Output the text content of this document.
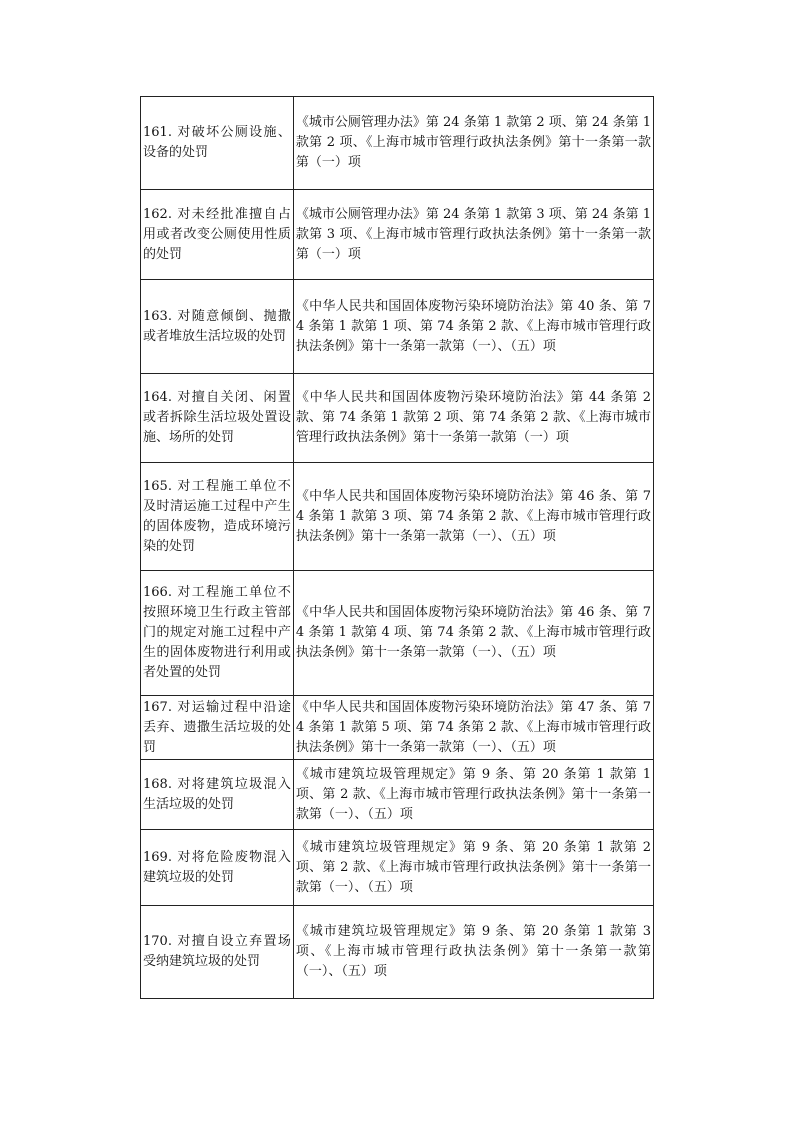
161. 对破坏公厕设施、设备的处罚	《城市公厕管理办法》第 24 条第 1 款第 2 项、第 24 条第 1 款第 2 项、《上海市城市管理行政执法条例》第十一条第一款第（一）项
162. 对未经批准擅自占用或者改变公厕使用性质的处罚	《城市公厕管理办法》第 24 条第 1 款第 3 项、第 24 条第 1 款第 3 项、《上海市城市管理行政执法条例》第十一条第一款第（一）项
163. 对随意倾倒、抛撒或者堆放生活垃圾的处罚	《中华人民共和国固体废物污染环境防治法》第 40 条、第 74 条第 1 款第 1 项、第 74 条第 2 款、《上海市城市管理行政执法条例》第十一条第一款第（一）、（五）项
164. 对擅自关闭、闲置或者拆除生活垃圾处置设施、场所的处罚	《中华人民共和国固体废物污染环境防治法》第 44 条第 2 款、第 74 条第 1 款第 2 项、第 74 条第 2 款、《上海市城市管理行政执法条例》第十一条第一款第（一）项
165. 对工程施工单位不及时清运施工过程中产生的固体废物，造成环境污染的处罚	《中华人民共和国固体废物污染环境防治法》第 46 条、第 74 条第 1 款第 3 项、第 74 条第 2 款、《上海市城市管理行政执法条例》第十一条第一款第（一）、（五）项
166. 对工程施工单位不按照环境卫生行政主管部门的规定对施工过程中产生的固体废物进行利用或者处置的处罚	《中华人民共和国固体废物污染环境防治法》第 46 条、第 74 条第 1 款第 4 项、第 74 条第 2 款、《上海市城市管理行政执法条例》第十一条第一款第（一）、（五）项
167. 对运输过程中沿途丢弃、遗撒生活垃圾的处罚	《中华人民共和国固体废物污染环境防治法》第 47 条、第 74 条第 1 款第 5 项、第 74 条第 2 款、《上海市城市管理行政执法条例》第十一条第一款第（一）、（五）项
168. 对将建筑垃圾混入生活垃圾的处罚	《城市建筑垃圾管理规定》第 9 条、第 20 条第 1 款第 1 项、第 2 款、《上海市城市管理行政执法条例》第十一条第一款第（一）、（五）项
169. 对将危险废物混入建筑垃圾的处罚	《城市建筑垃圾管理规定》第 9 条、第 20 条第 1 款第 2 项、第 2 款、《上海市城市管理行政执法条例》第十一条第一款第（一）、（五）项
170. 对擅自设立弃置场受纳建筑垃圾的处罚	《城市建筑垃圾管理规定》第 9 条、第 20 条第 1 款第 3 项、《上海市城市管理行政执法条例》第十一条第一款第（一）、（五）项
